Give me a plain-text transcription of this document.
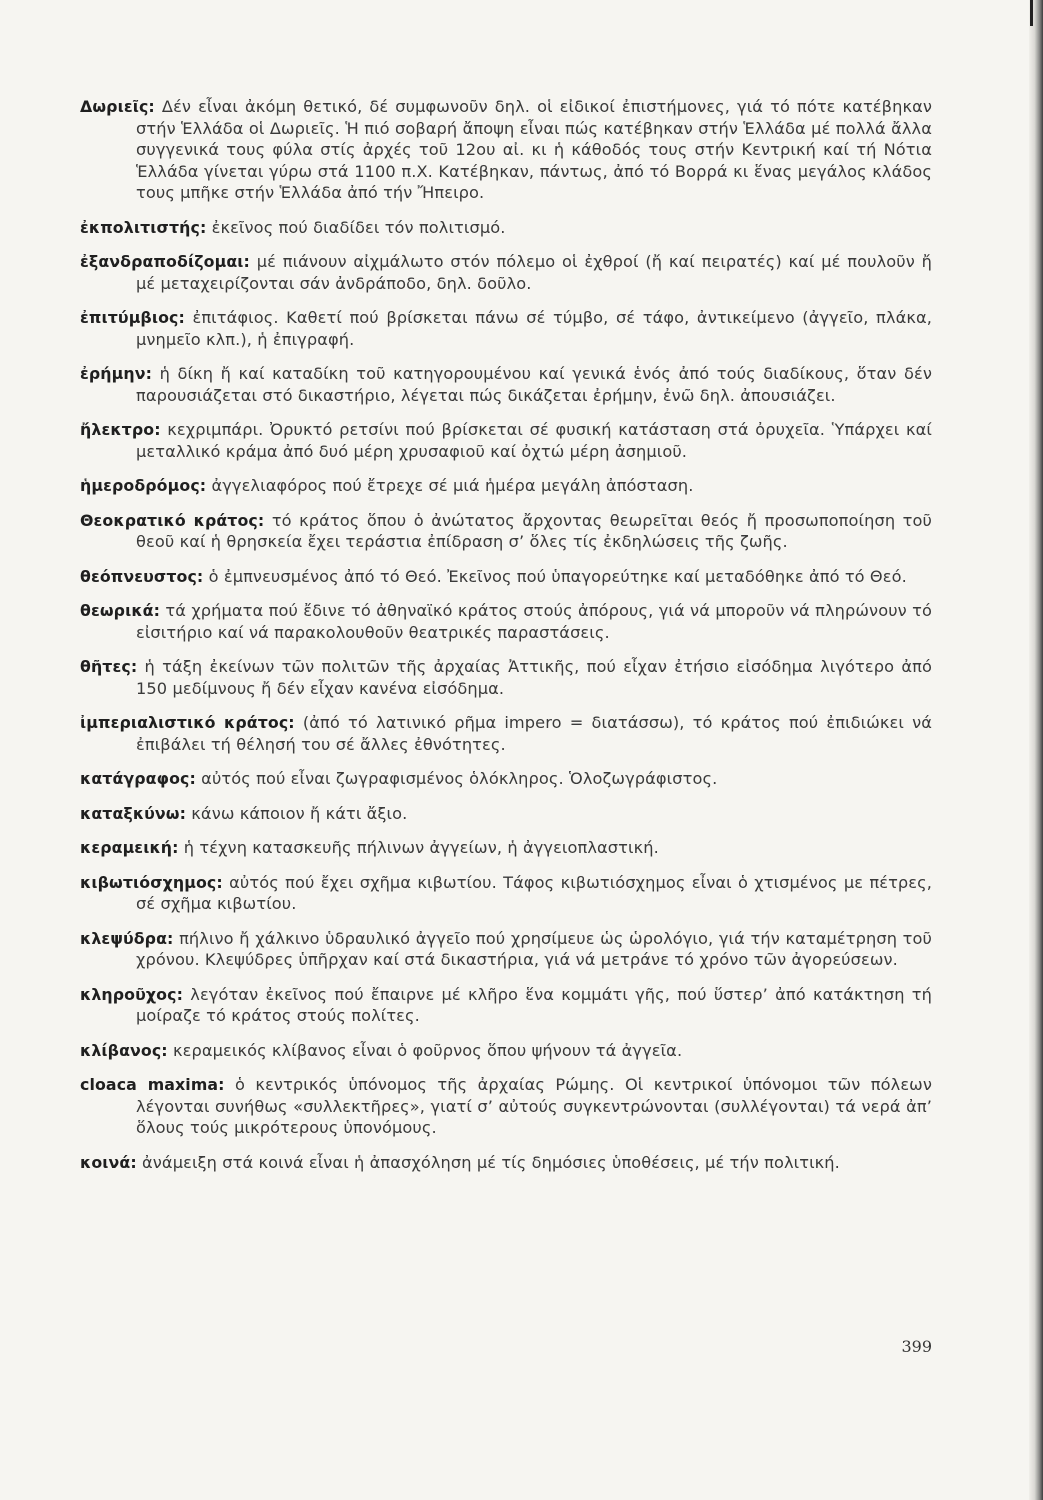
Δωριεῖς: Δέν εἶναι ἀκόμη θετικό, δέ συμφωνοῦν δηλ. οἱ εἰδικοί ἐπιστήμονες, γιά τό πότε κατέβηκαν στήν Ἑλλάδα οἱ Δωριεῖς. Ἡ πιό σοβαρή ἄποψη εἶναι πώς κατέβηκαν στήν Ἑλλάδα μέ πολλά ἄλλα συγγενικά τους φύλα στίς ἀρχές τοῦ 12ου αἰ. κι ἡ κάθοδός τους στήν Κεντρική καί τή Νότια Ἑλλάδα γίνεται γύρω στά 1100 π.Χ. Κατέβηκαν, πάντως, ἀπό τό Βορρά κι ἕνας μεγάλος κλάδος τους μπῆκε στήν Ἑλλάδα ἀπό τήν Ἤπειρο.

ἐκπολιτιστής: ἐκεῖνος πού διαδίδει τόν πολιτισμό.

ἐξανδραποδίζομαι: μέ πιάνουν αἰχμάλωτο στόν πόλεμο οἱ ἐχθροί (ἤ καί πειρατές) καί μέ πουλοῦν ἤ μέ μεταχειρίζονται σάν ἀνδράποδο, δηλ. δοῦλο.

ἐπιτύμβιος: ἐπιτάφιος. Καθετί πού βρίσκεται πάνω σέ τύμβο, σέ τάφο, ἀντικείμενο (ἀγγεῖο, πλάκα, μνημεῖο κλπ.), ἡ ἐπιγραφή.

ἐρήμην: ἡ δίκη ἤ καί καταδίκη τοῦ κατηγορουμένου καί γενικά ἑνός ἀπό τούς διαδίκους, ὅταν δέν παρουσιάζεται στό δικαστήριο, λέγεται πώς δικάζεται ἐρήμην, ἐνῶ δηλ. ἀπουσιάζει.

ἤλεκτρο: κεχριμπάρι. Ὀρυκτό ρετσίνι πού βρίσκεται σέ φυσική κατάσταση στά ὀρυχεῖα. Ὑπάρχει καί μεταλλικό κράμα ἀπό δυό μέρη χρυσαφιοῦ καί ὀχτώ μέρη ἀσημιοῦ.

ἡμεροδρόμος: ἀγγελιαφόρος πού ἔτρεχε σέ μιά ἡμέρα μεγάλη ἀπόσταση.

Θεοκρατικό κράτος: τό κράτος ὅπου ὁ ἀνώτατος ἄρχοντας θεωρεῖται θεός ἤ προσωποποίηση τοῦ θεοῦ καί ἡ θρησκεία ἔχει τεράστια ἐπίδραση σ’ ὅλες τίς ἐκδηλώσεις τῆς ζωῆς.

θεόπνευστος: ὁ ἐμπνευσμένος ἀπό τό Θεό. Ἐκεῖνος πού ὑπαγορεύτηκε καί μεταδόθηκε ἀπό τό Θεό.

θεωρικά: τά χρήματα πού ἔδινε τό ἀθηναϊκό κράτος στούς ἀπόρους, γιά νά μποροῦν νά πληρώνουν τό εἰσιτήριο καί νά παρακολουθοῦν θεατρικές παραστάσεις.

θῆτες: ἡ τάξη ἐκείνων τῶν πολιτῶν τῆς ἀρχαίας Ἀττικῆς, πού εἶχαν ἐτήσιο εἰσόδημα λιγότερο ἀπό 150 μεδίμνους ἤ δέν εἶχαν κανένα εἰσόδημα.

ἰμπεριαλιστικό κράτος: (ἀπό τό λατινικό ρῆμα impero = διατάσσω), τό κράτος πού ἐπιδιώκει νά ἐπιβάλει τή θέλησή του σέ ἄλλες ἐθνότητες.

κατάγραφος: αὐτός πού εἶναι ζωγραφισμένος ὁλόκληρος. Ὁλοζωγράφιστος.

καταξκύνω: κάνω κάποιον ἤ κάτι ἄξιο.

κεραμεική: ἡ τέχνη κατασκευῆς πήλινων ἀγγείων, ἡ ἀγγειοπλαστική.

κιβωτιόσχημος: αὐτός πού ἔχει σχῆμα κιβωτίου. Τάφος κιβωτιόσχημος εἶναι ὁ χτισμένος με πέτρες, σέ σχῆμα κιβωτίου.

κλεψύδρα: πήλινο ἤ χάλκινο ὑδραυλικό ἀγγεῖο πού χρησίμευε ὡς ὡρολόγιο, γιά τήν καταμέτρηση τοῦ χρόνου. Κλεψύδρες ὑπῆρχαν καί στά δικαστήρια, γιά νά μετράνε τό χρόνο τῶν ἀγορεύσεων.

κληροῦχος: λεγόταν ἐκεῖνος πού ἔπαιρνε μέ κλῆρο ἕνα κομμάτι γῆς, πού ὕστερ’ ἀπό κατάκτηση τή μοίραζε τό κράτος στούς πολίτες.

κλίβανος: κεραμεικός κλίβανος εἶναι ὁ φοῦρνος ὅπου ψήνουν τά ἀγγεῖα.

cloaca maxima: ὁ κεντρικός ὑπόνομος τῆς ἀρχαίας Ρώμης. Οἱ κεντρικοί ὑπόνομοι τῶν πόλεων λέγονται συνήθως «συλλεκτῆρες», γιατί σ’ αὐτούς συγκεντρώνονται (συλλέγονται) τά νερά ἀπ’ ὅλους τούς μικρότερους ὑπονόμους.

κοινά: ἀνάμειξη στά κοινά εἶναι ἡ ἀπασχόληση μέ τίς δημόσιες ὑποθέσεις, μέ τήν πολιτική.

399
